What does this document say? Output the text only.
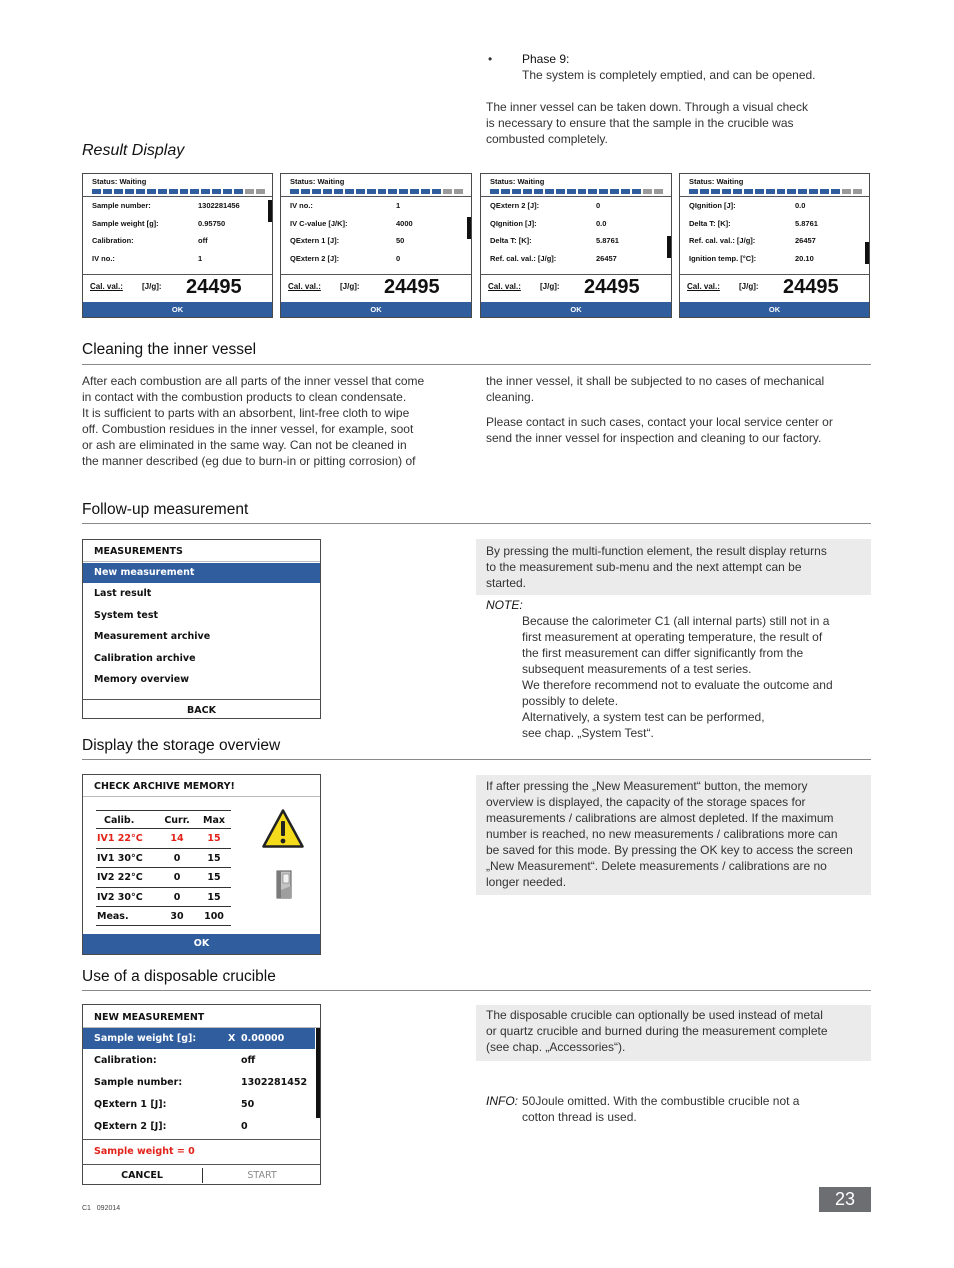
• Phase 9:
The system is completely emptied, and can be opened.
The inner vessel can be taken down. Through a visual check
is necessary to ensure that the sample in the crucible was
combusted completely.
Result Display
Status: Waiting
Sample number:	1302281456
Sample weight [g]:	0.95750
Calibration:	off
IV no.:	1
Cal. val.: [J/g]: 24495
OK
Status: Waiting
IV no.:	1
IV C-value [J/K]:	4000
QExtern 1 [J]:	50
QExtern 2 [J]:	0
Cal. val.: [J/g]: 24495
OK
Status: Waiting
QExtern 2 [J]:	0
QIgnition [J]:	0.0
Delta T: [K]:	5.8761
Ref. cal. val.: [J/g]:	26457
Cal. val.: [J/g]: 24495
OK
Status: Waiting
QIgnition [J]:	0.0
Delta T: [K]:	5.8761
Ref. cal. val.: [J/g]:	26457
Ignition temp. [°C]:	20.10
Cal. val.: [J/g]: 24495
OK
Cleaning the inner vessel
After each combustion are all parts of the inner vessel that come
in contact with the combustion products to clean condensate.
It is sufficient to parts with an absorbent, lint-free cloth to wipe
off. Combustion residues in the inner vessel, for example, soot
or ash are eliminated in the same way. Can not be cleaned in
the manner described (eg due to burn-in or pitting corrosion) of
the inner vessel, it shall be subjected to no cases of mechanical
cleaning.
Please contact in such cases, contact your local service center or
send the inner vessel for inspection and cleaning to our factory.
Follow-up measurement
MEASUREMENTS
BACK
New measurement
Last result
System test
Measurement archive
Calibration archive
Memory overview
By pressing the multi-function element, the result display returns
to the measurement sub-menu and the next attempt can be
started.
NOTE:
Because the calorimeter C1 (all internal parts) still not in a
first measurement at operating temperature, the result of
the first measurement can differ significantly from the
subsequent measurements of a test series.
We therefore recommend not to evaluate the outcome and
possibly to delete.
Alternatively, a system test can be performed,
see chap. „System Test“.
Display the storage overview
CHECK ARCHIVE MEMORY!
Calib.	Curr.	Max
IV1 22°C	14	15
IV1 30°C	0	15
IV2 22°C	0	15
IV2 30°C	0	15
Meas.	30	100
OK
If after pressing the „New Measurement“ button, the memory
overview is displayed, the capacity of the storage spaces for
measurements / calibrations are almost depleted. If the maximum
number is reached, no new measurements / calibrations more can
be saved for this mode. By pressing the OK key to access the screen
„New Measurement“. Delete measurements / calibrations are no
longer needed.
Use of a disposable crucible
NEW MEASUREMENT
Sample weight = 0
CANCEL	START
Sample weight [g]:	X 0.00000
Calibration:	off
Sample number:	1302281452
QExtern 1 [J]:	50
QExtern 2 [J]:	0
The disposable crucible can optionally be used instead of metal
or quartz crucible and burned during the measurement complete
(see chap. „Accessories“).
INFO: 50Joule omitted. With the combustible crucible not a
cotton thread is used.
C1   092014	23
